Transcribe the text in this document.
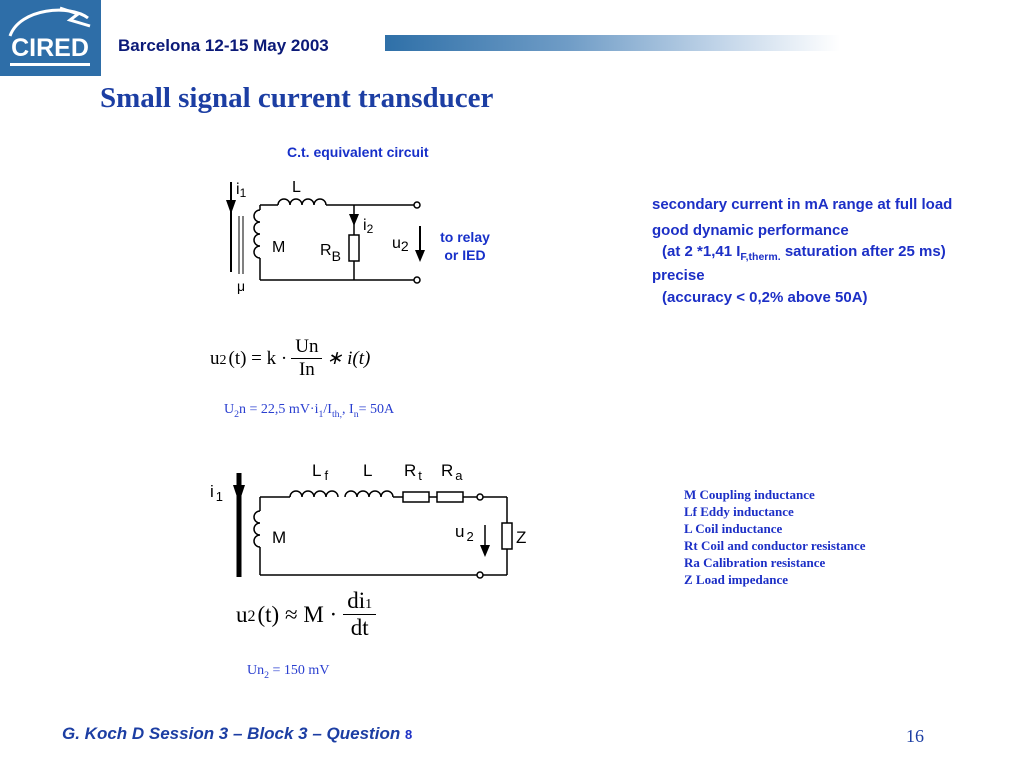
CIRED Barcelona 12-15 May 2003
Small signal current transducer
C.t. equivalent circuit
i1	L
M
μ
i2
RB
u2
to relay
or IED
secondary current in mA range at full load
good dynamic performance
(at 2 *1,41 $I_{F,therm.}$ saturation after 25 ms)
precise
(accuracy < 0,2% above 50A)
u 2 (t) = k ·
Un
In
∗ i(t)
$U_2n = 22,5$ $mV\cdot i_1/I_{th,}$, $I_n= 50A$
L $_f$ L R $_t$ R $_a$
i $_1$
M	u $_2$ Z
M Coupling inductance
Lf Eddy inductance
L Coil inductance
Rt Coil and conductor resistance
Ra Calibration resistance
Z Load impedance
u 2 (t) ≈ M ·
di1
dt
$Un_2 = 150$ mV
G. Koch D Session 3 – Block 3 – Question 8	16
